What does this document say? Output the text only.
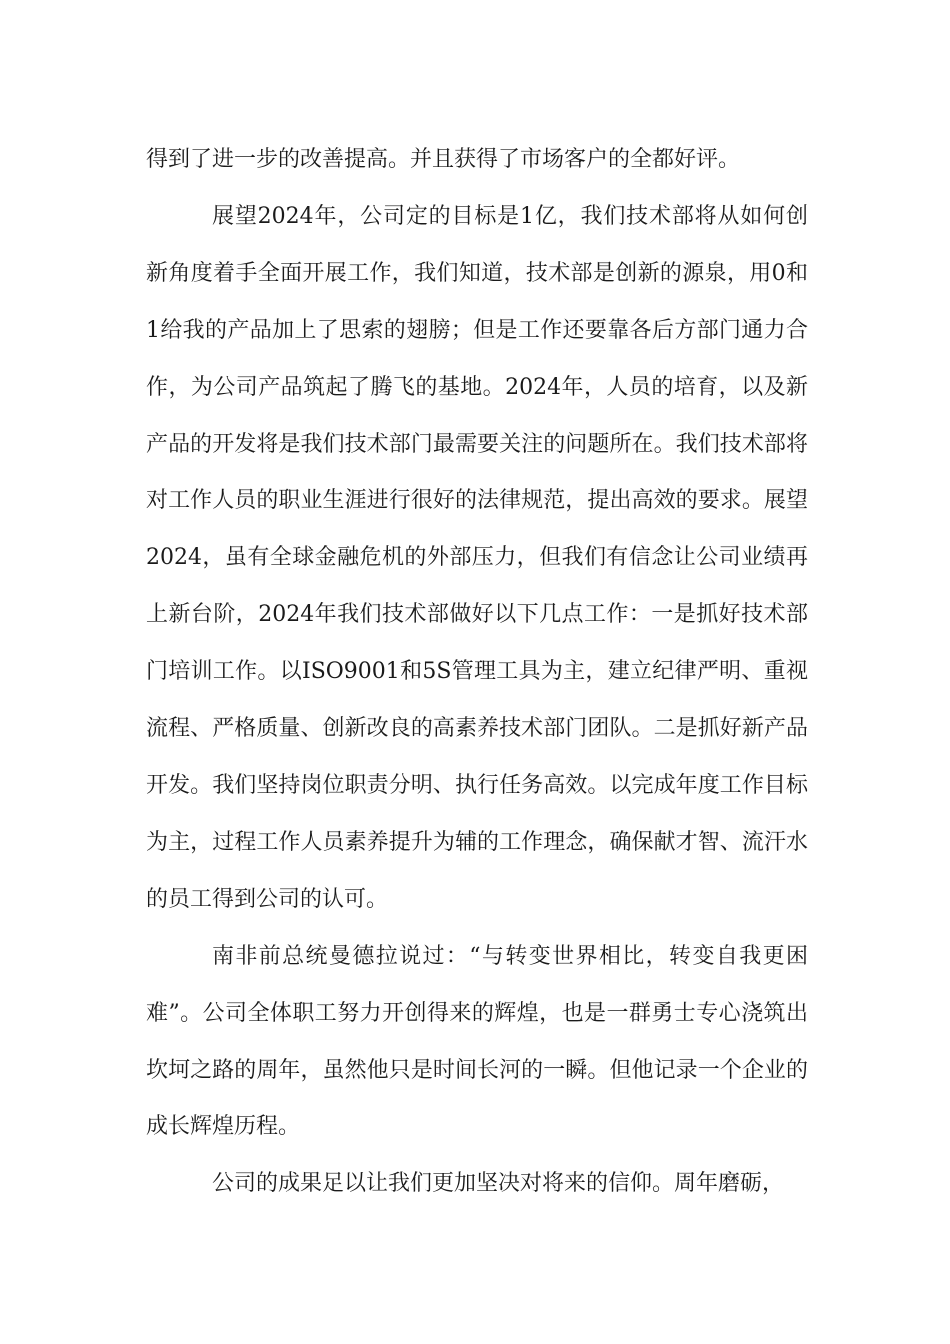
得到了进一步的改善提高。并且获得了市场客户的全都好评。

展望2024年，公司定的目标是1亿，我们技术部将从如何创新角度着手全面开展工作，我们知道，技术部是创新的源泉，用0和1给我的产品加上了思索的翅膀；但是工作还要靠各后方部门通力合作，为公司产品筑起了腾飞的基地。2024年，人员的培育，以及新产品的开发将是我们技术部门最需要关注的问题所在。我们技术部将对工作人员的职业生涯进行很好的法律规范，提出高效的要求。展望2024，虽有全球金融危机的外部压力，但我们有信念让公司业绩再上新台阶，2024年我们技术部做好以下几点工作：一是抓好技术部门培训工作。以ISO9001和5S管理工具为主，建立纪律严明、重视流程、严格质量、创新改良的高素养技术部门团队。二是抓好新产品开发。我们坚持岗位职责分明、执行任务高效。以完成年度工作目标为主，过程工作人员素养提升为辅的工作理念，确保献才智、流汗水的员工得到公司的认可。

南非前总统曼德拉说过：“与转变世界相比，转变自我更困难”。公司全体职工努力开创得来的辉煌，也是一群勇士专心浇筑出坎坷之路的周年，虽然他只是时间长河的一瞬。但他记录一个企业的成长辉煌历程。

公司的成果足以让我们更加坚决对将来的信仰。周年磨砺，
